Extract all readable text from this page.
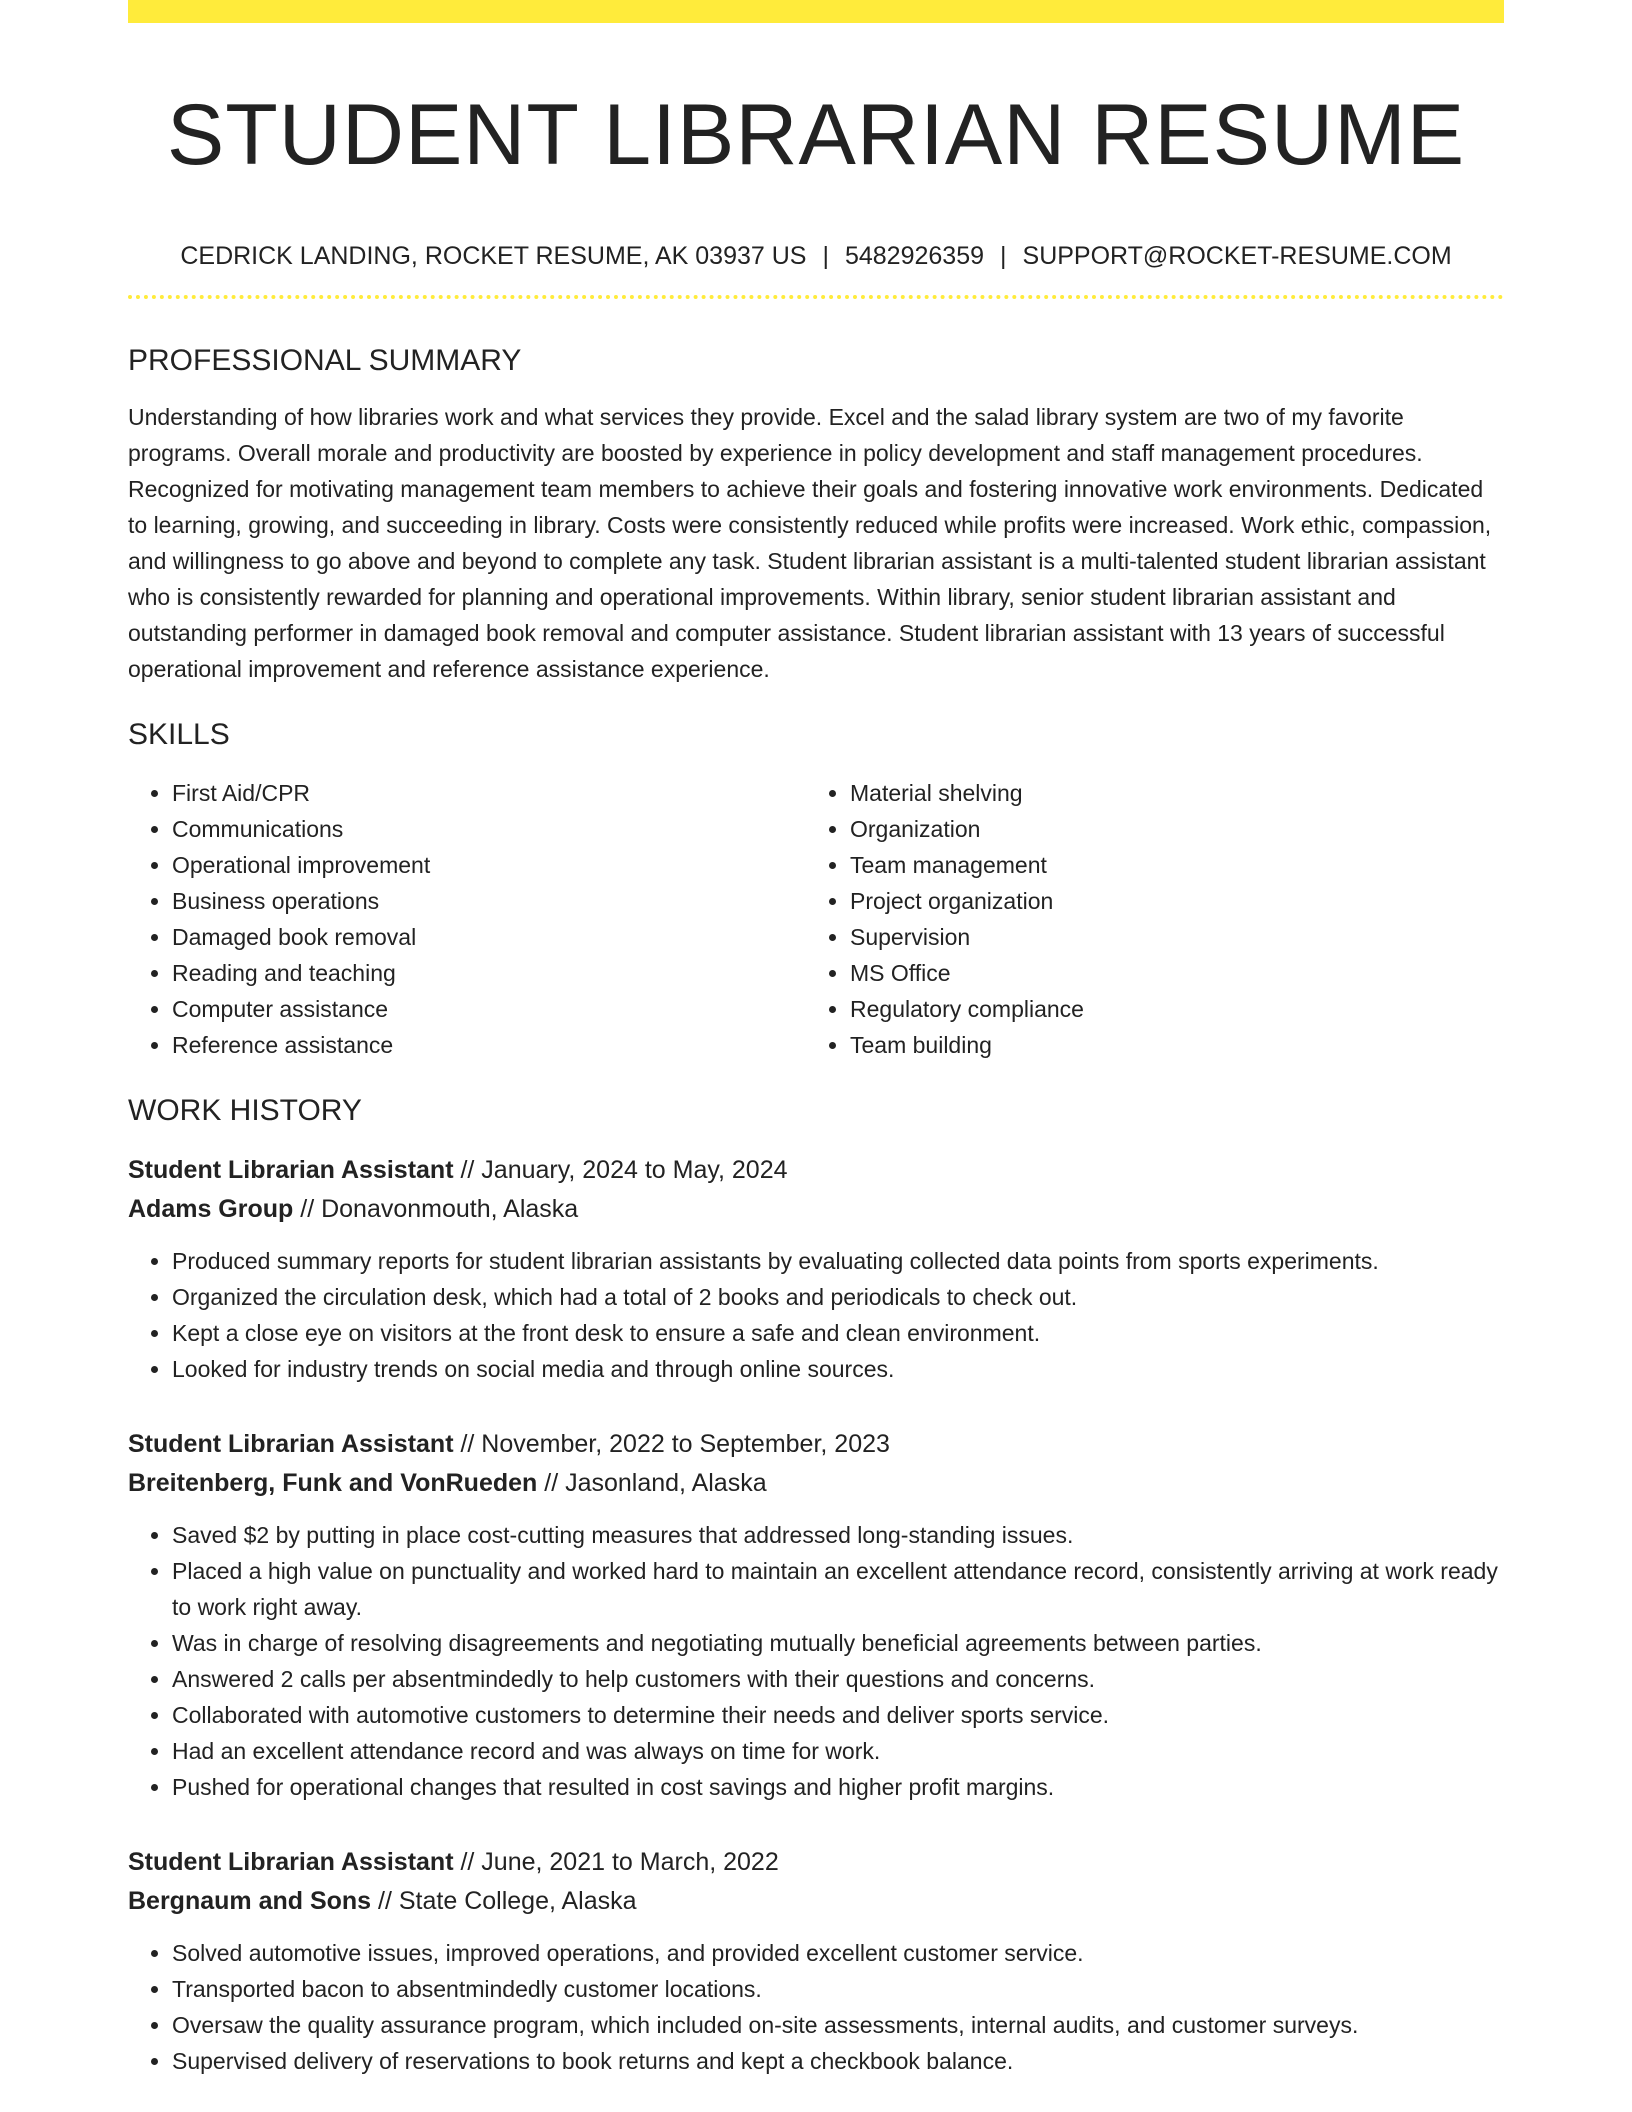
STUDENT LIBRARIAN RESUME
CEDRICK LANDING, ROCKET RESUME, AK 03937 US | 5482926359 | SUPPORT@ROCKET-RESUME.COM
PROFESSIONAL SUMMARY

Understanding of how libraries work and what services they provide. Excel and the salad library system are two of my favorite programs. Overall morale and productivity are boosted by experience in policy development and staff management procedures. Recognized for motivating management team members to achieve their goals and fostering innovative work environments. Dedicated to learning, growing, and succeeding in library. Costs were consistently reduced while profits were increased. Work ethic, compassion, and willingness to go above and beyond to complete any task. Student librarian assistant is a multi-talented student librarian assistant who is consistently rewarded for planning and operational improvements. Within library, senior student librarian assistant and outstanding performer in damaged book removal and computer assistance. Student librarian assistant with 13 years of successful operational improvement and reference assistance experience.

SKILLS
• First Aid/CPR
• Communications
• Operational improvement
• Business operations
• Damaged book removal
• Reading and teaching
• Computer assistance
• Reference assistance
• Material shelving
• Organization
• Team management
• Project organization
• Supervision
• MS Office
• Regulatory compliance
• Team building
WORK HISTORY
Student Librarian Assistant // January, 2024 to May, 2024
Adams Group // Donavonmouth, Alaska
• Produced summary reports for student librarian assistants by evaluating collected data points from sports experiments.
• Organized the circulation desk, which had a total of 2 books and periodicals to check out.
• Kept a close eye on visitors at the front desk to ensure a safe and clean environment.
• Looked for industry trends on social media and through online sources.
Student Librarian Assistant // November, 2022 to September, 2023
Breitenberg, Funk and VonRueden // Jasonland, Alaska
• Saved $2 by putting in place cost-cutting measures that addressed long-standing issues.
• Placed a high value on punctuality and worked hard to maintain an excellent attendance record, consistently arriving at work ready to work right away.
• Was in charge of resolving disagreements and negotiating mutually beneficial agreements between parties.
• Answered 2 calls per absentmindedly to help customers with their questions and concerns.
• Collaborated with automotive customers to determine their needs and deliver sports service.
• Had an excellent attendance record and was always on time for work.
• Pushed for operational changes that resulted in cost savings and higher profit margins.
Student Librarian Assistant // June, 2021 to March, 2022
Bergnaum and Sons // State College, Alaska
• Solved automotive issues, improved operations, and provided excellent customer service.
• Transported bacon to absentmindedly customer locations.
• Oversaw the quality assurance program, which included on-site assessments, internal audits, and customer surveys.
• Supervised delivery of reservations to book returns and kept a checkbook balance.
